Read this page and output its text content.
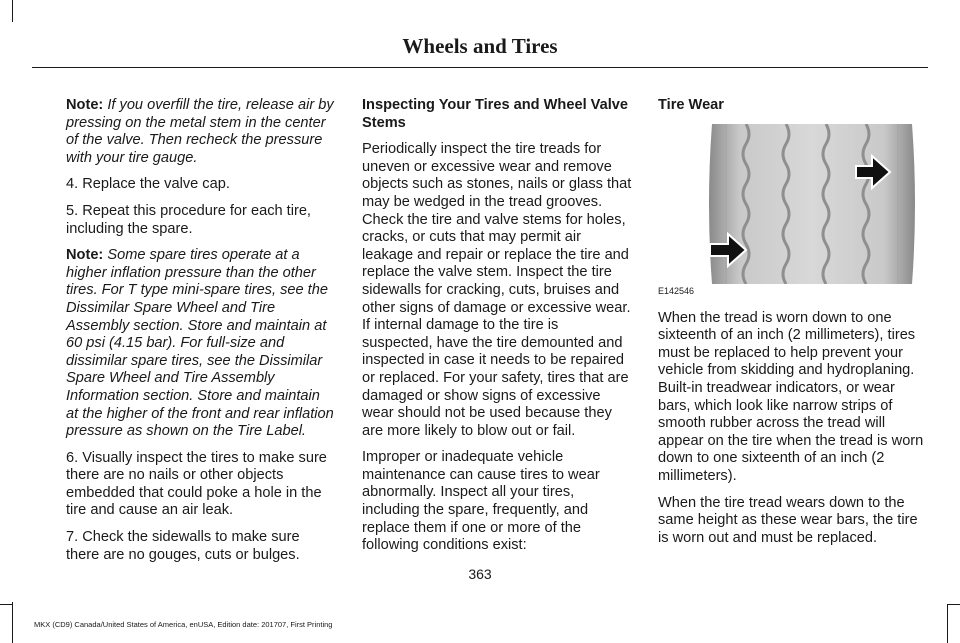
Wheels and Tires

Note: If you overfill the tire, release air by pressing on the metal stem in the center of the valve. Then recheck the pressure with your tire gauge.

4. Replace the valve cap.

5. Repeat this procedure for each tire, including the spare.

Note: Some spare tires operate at a higher inflation pressure than the other tires. For T type mini-spare tires, see the Dissimilar Spare Wheel and Tire Assembly section. Store and maintain at 60 psi (4.15 bar). For full-size and dissimilar spare tires, see the Dissimilar Spare Wheel and Tire Assembly Information section. Store and maintain at the higher of the front and rear inflation pressure as shown on the Tire Label.

6. Visually inspect the tires to make sure there are no nails or other objects embedded that could poke a hole in the tire and cause an air leak.

7. Check the sidewalls to make sure there are no gouges, cuts or bulges.

Inspecting Your Tires and Wheel Valve Stems

Periodically inspect the tire treads for uneven or excessive wear and remove objects such as stones, nails or glass that may be wedged in the tread grooves. Check the tire and valve stems for holes, cracks, or cuts that may permit air leakage and repair or replace the tire and replace the valve stem. Inspect the tire sidewalls for cracking, cuts, bruises and other signs of damage or excessive wear. If internal damage to the tire is suspected, have the tire demounted and inspected in case it needs to be repaired or replaced. For your safety, tires that are damaged or show signs of excessive wear should not be used because they are more likely to blow out or fail.

Improper or inadequate vehicle maintenance can cause tires to wear abnormally. Inspect all your tires, including the spare, frequently, and replace them if one or more of the following conditions exist:

Tire Wear

E142546

When the tread is worn down to one sixteenth of an inch (2 millimeters), tires must be replaced to help prevent your vehicle from skidding and hydroplaning. Built-in treadwear indicators, or wear bars, which look like narrow strips of smooth rubber across the tread will appear on the tire when the tread is worn down to one sixteenth of an inch (2 millimeters).

When the tire tread wears down to the same height as these wear bars, the tire is worn out and must be replaced.

363
MKX (CD9) Canada/United States of America, enUSA, Edition date: 201707, First Printing
